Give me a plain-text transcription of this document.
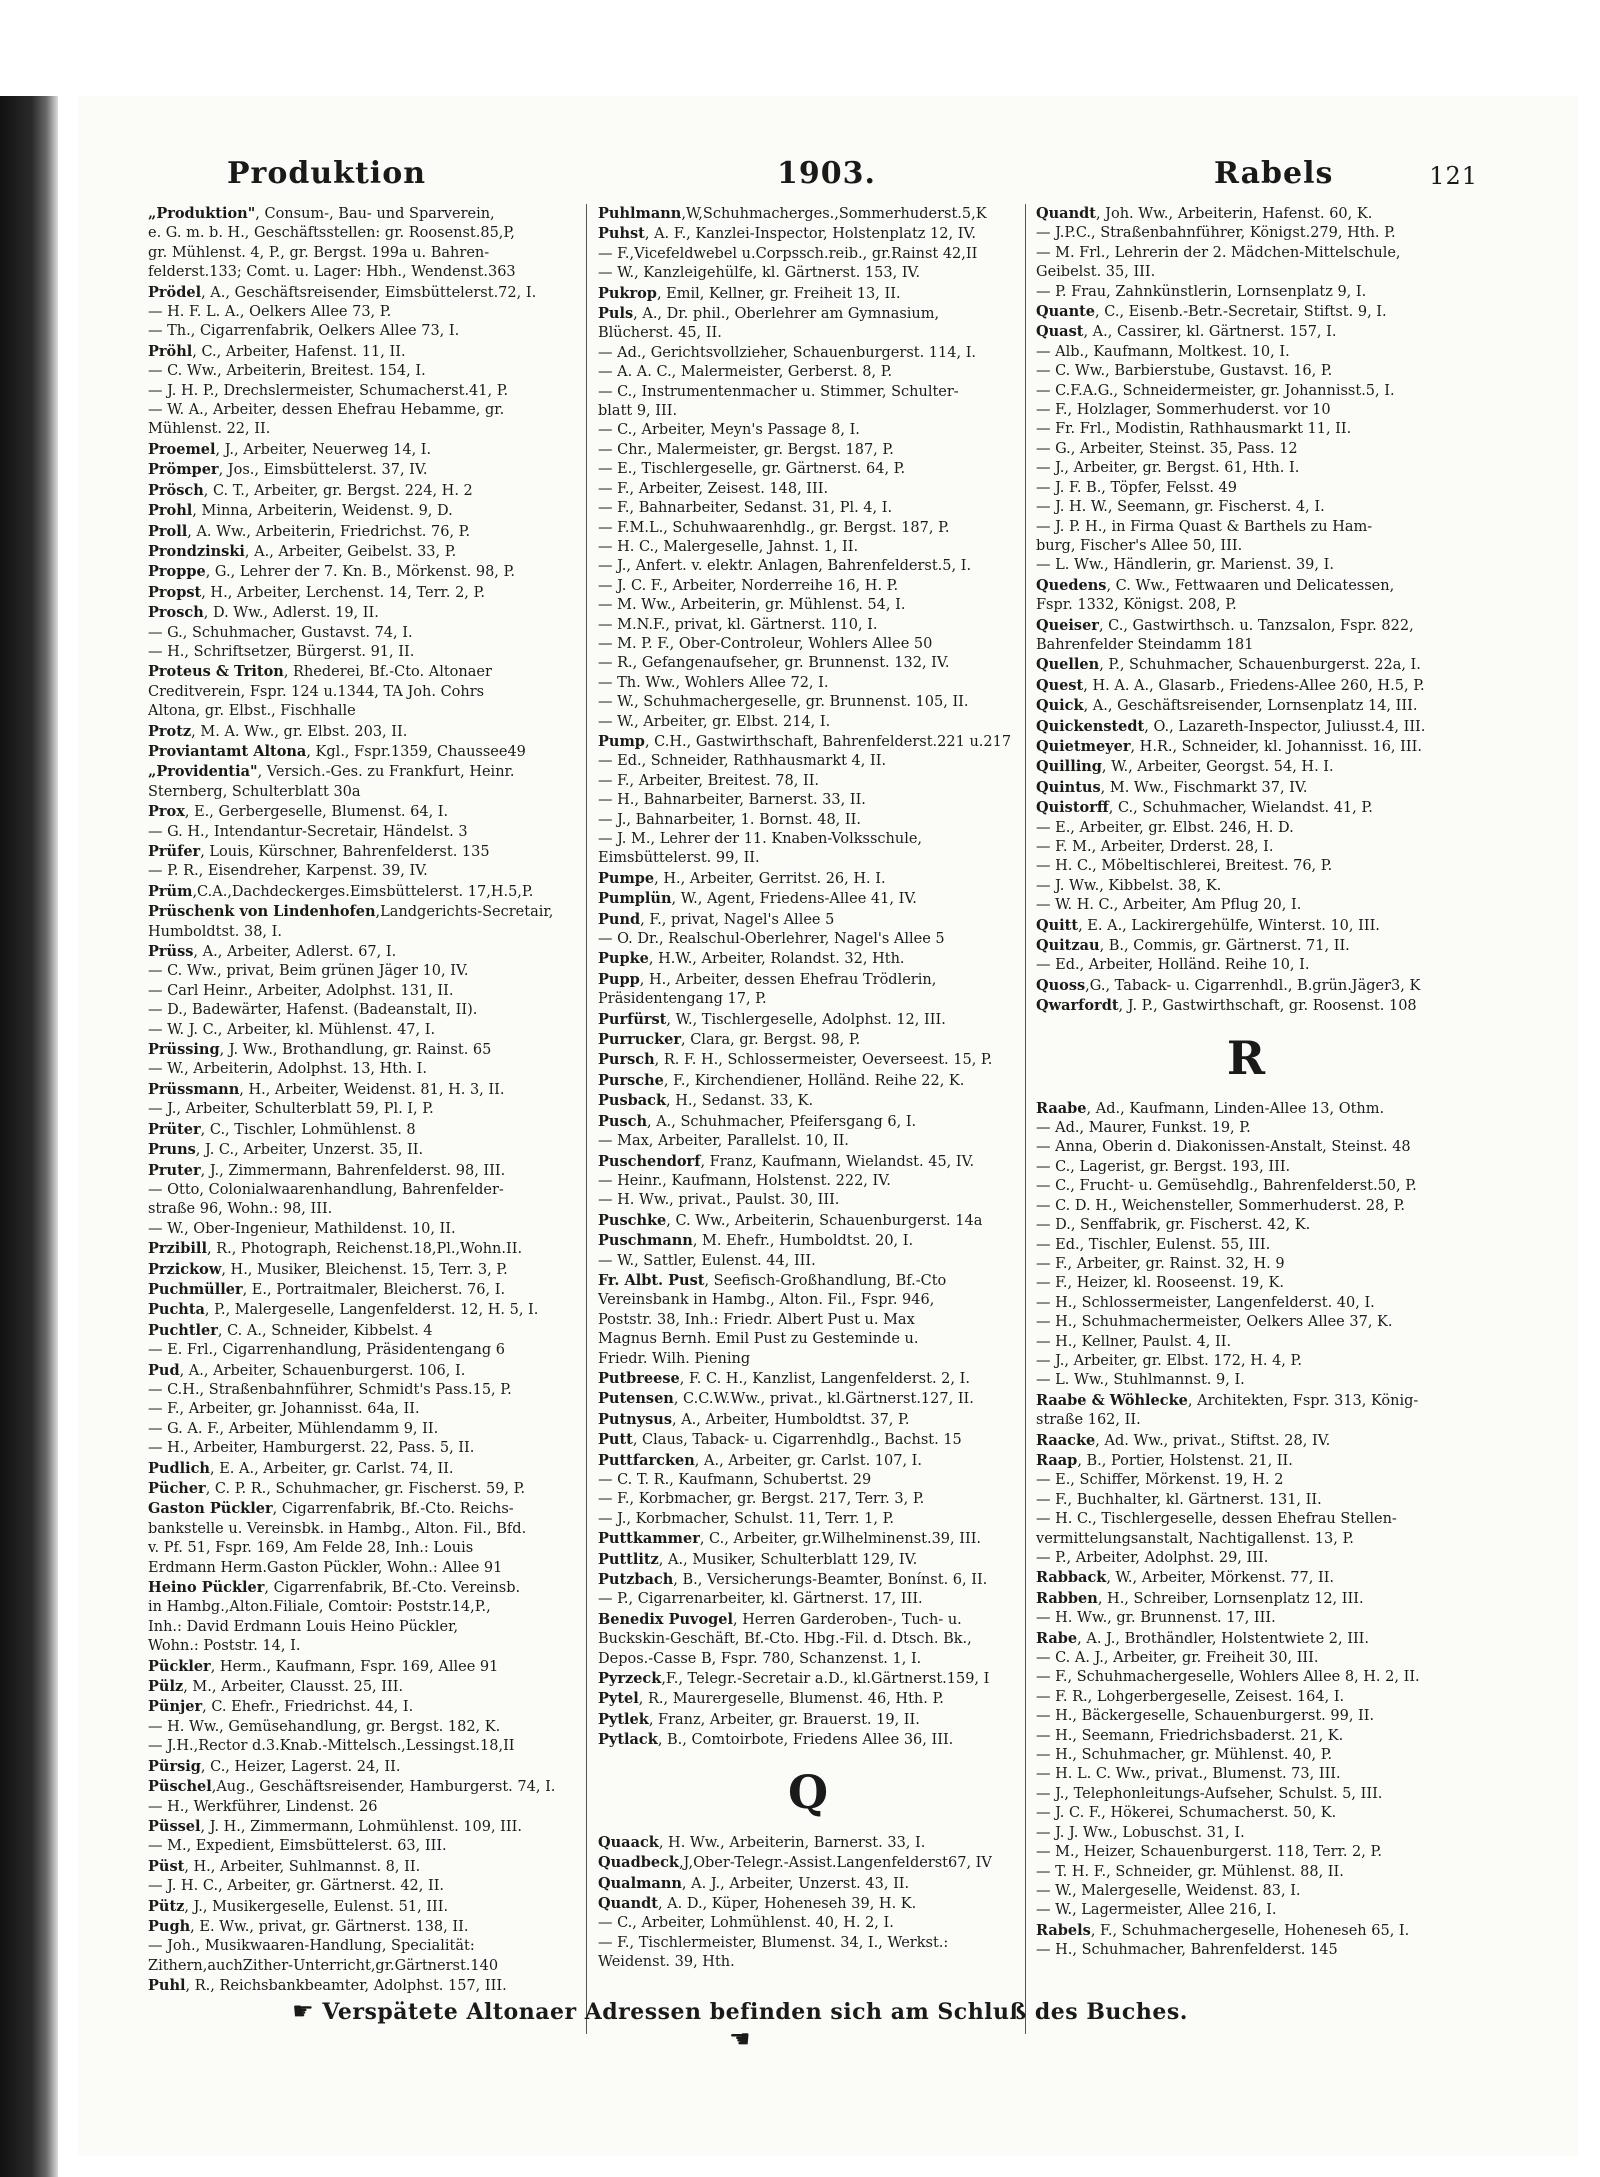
Produktion	1903.	Rabels	121
„Produktion", Consum-, Bau- und Sparverein,
e. G. m. b. H., Geschäftsstellen: gr. Roosenst.85,P,
gr. Mühlenst. 4, P., gr. Bergst. 199a u. Bahren-
felderst.133; Comt. u. Lager: Hbh., Wendenst.363
Prödel, A., Geschäftsreisender, Eimsbüttelerst.72, I.
— H. F. L. A., Oelkers Allee 73, P.
— Th., Cigarrenfabrik, Oelkers Allee 73, I.
Pröhl, C., Arbeiter, Hafenst. 11, II.
— C. Ww., Arbeiterin, Breitest. 154, I.
— J. H. P., Drechslermeister, Schumacherst.41, P.
— W. A., Arbeiter, dessen Ehefrau Hebamme, gr.
Mühlenst. 22, II.
Proemel, J., Arbeiter, Neuerweg 14, I.
Prömper, Jos., Eimsbüttelerst. 37, IV.
Prösch, C. T., Arbeiter, gr. Bergst. 224, H. 2
Prohl, Minna, Arbeiterin, Weidenst. 9, D.
Proll, A. Ww., Arbeiterin, Friedrichst. 76, P.
Prondzinski, A., Arbeiter, Geibelst. 33, P.
Proppe, G., Lehrer der 7. Kn. B., Mörkenst. 98, P.
Propst, H., Arbeiter, Lerchenst. 14, Terr. 2, P.
Prosch, D. Ww., Adlerst. 19, II.
— G., Schuhmacher, Gustavst. 74, I.
— H., Schriftsetzer, Bürgerst. 91, II.
Proteus & Triton, Rhederei, Bf.-Cto. Altonaer
Creditverein, Fspr. 124 u.1344, TA Joh. Cohrs
Altona, gr. Elbst., Fischhalle
Protz, M. A. Ww., gr. Elbst. 203, II.
Proviantamt Altona, Kgl., Fspr.1359, Chaussee49
„Providentia", Versich.-Ges. zu Frankfurt, Heinr.
Sternberg, Schulterblatt 30a
Prox, E., Gerbergeselle, Blumenst. 64, I.
— G. H., Intendantur-Secretair, Händelst. 3
Prüfer, Louis, Kürschner, Bahrenfelderst. 135
— P. R., Eisendreher, Karpenst. 39, IV.
Prüm,C.A.,Dachdeckerges.Eimsbüttelerst. 17,H.5,P.
Prüschenk von Lindenhofen,Landgerichts-Secretair,
Humboldtst. 38, I.
Prüss, A., Arbeiter, Adlerst. 67, I.
— C. Ww., privat, Beim grünen Jäger 10, IV.
— Carl Heinr., Arbeiter, Adolphst. 131, II.
— D., Badewärter, Hafenst. (Badeanstalt, II).
— W. J. C., Arbeiter, kl. Mühlenst. 47, I.
Prüssing, J. Ww., Brothandlung, gr. Rainst. 65
— W., Arbeiterin, Adolphst. 13, Hth. I.
Prüssmann, H., Arbeiter, Weidenst. 81, H. 3, II.
— J., Arbeiter, Schulterblatt 59, Pl. I, P.
Prüter, C., Tischler, Lohmühlenst. 8
Pruns, J. C., Arbeiter, Unzerst. 35, II.
Pruter, J., Zimmermann, Bahrenfelderst. 98, III.
— Otto, Colonialwaarenhandlung, Bahrenfelder-
straße 96, Wohn.: 98, III.
— W., Ober-Ingenieur, Mathildenst. 10, II.
Przibill, R., Photograph, Reichenst.18,Pl.,Wohn.II.
Przickow, H., Musiker, Bleichenst. 15, Terr. 3, P.
Puchmüller, E., Portraitmaler, Bleicherst. 76, I.
Puchta, P., Malergeselle, Langenfelderst. 12, H. 5, I.
Puchtler, C. A., Schneider, Kibbelst. 4
— E. Frl., Cigarrenhandlung, Präsidentengang 6
Pud, A., Arbeiter, Schauenburgerst. 106, I.
— C.H., Straßenbahnführer, Schmidt's Pass.15, P.
— F., Arbeiter, gr. Johannisst. 64a, II.
— G. A. F., Arbeiter, Mühlendamm 9, II.
— H., Arbeiter, Hamburgerst. 22, Pass. 5, II.
Pudlich, E. A., Arbeiter, gr. Carlst. 74, II.
Pücher, C. P. R., Schuhmacher, gr. Fischerst. 59, P.
Gaston Pückler, Cigarrenfabrik, Bf.-Cto. Reichs-
bankstelle u. Vereinsbk. in Hambg., Alton. Fil., Bfd.
v. Pf. 51, Fspr. 169, Am Felde 28, Inh.: Louis
Erdmann Herm.Gaston Pückler, Wohn.: Allee 91
Heino Pückler, Cigarrenfabrik, Bf.-Cto. Vereinsb.
in Hambg.,Alton.Filiale, Comtoir: Poststr.14,P.,
Inh.: David Erdmann Louis Heino Pückler,
Wohn.: Poststr. 14, I.
Pückler, Herm., Kaufmann, Fspr. 169, Allee 91
Pülz, M., Arbeiter, Clausst. 25, III.
Pünjer, C. Ehefr., Friedrichst. 44, I.
— H. Ww., Gemüsehandlung, gr. Bergst. 182, K.
— J.H.,Rector d.3.Knab.-Mittelsch.,Lessingst.18,II
Pürsig, C., Heizer, Lagerst. 24, II.
Püschel,Aug., Geschäftsreisender, Hamburgerst. 74, I.
— H., Werkführer, Lindenst. 26
Püssel, J. H., Zimmermann, Lohmühlenst. 109, III.
— M., Expedient, Eimsbüttelerst. 63, III.
Püst, H., Arbeiter, Suhlmannst. 8, II.
— J. H. C., Arbeiter, gr. Gärtnerst. 42, II.
Pütz, J., Musikergeselle, Eulenst. 51, III.
Pugh, E. Ww., privat, gr. Gärtnerst. 138, II.
— Joh., Musikwaaren-Handlung, Specialität:
Zithern,auchZither-Unterricht,gr.Gärtnerst.140
Puhl, R., Reichsbankbeamter, Adolphst. 157, III.
Puhlmann,W,Schuhmacherges.,Sommerhuderst.5,K
Puhst, A. F., Kanzlei-Inspector, Holstenplatz 12, IV.
— F.,Vicefeldwebel u.Corpssch.reib., gr.Rainst 42,II
— W., Kanzleigehülfe, kl. Gärtnerst. 153, IV.
Pukrop, Emil, Kellner, gr. Freiheit 13, II.
Puls, A., Dr. phil., Oberlehrer am Gymnasium,
Blücherst. 45, II.
— Ad., Gerichtsvollzieher, Schauenburgerst. 114, I.
— A. A. C., Malermeister, Gerberst. 8, P.
— C., Instrumentenmacher u. Stimmer, Schulter-
blatt 9, III.
— C., Arbeiter, Meyn's Passage 8, I.
— Chr., Malermeister, gr. Bergst. 187, P.
— E., Tischlergeselle, gr. Gärtnerst. 64, P.
— F., Arbeiter, Zeisest. 148, III.
— F., Bahnarbeiter, Sedanst. 31, Pl. 4, I.
— F.M.L., Schuhwaarenhdlg., gr. Bergst. 187, P.
— H. C., Malergeselle, Jahnst. 1, II.
— J., Anfert. v. elektr. Anlagen, Bahrenfelderst.5, I.
— J. C. F., Arbeiter, Norderreihe 16, H. P.
— M. Ww., Arbeiterin, gr. Mühlenst. 54, I.
— M.N.F., privat, kl. Gärtnerst. 110, I.
— M. P. F., Ober-Controleur, Wohlers Allee 50
— R., Gefangenaufseher, gr. Brunnenst. 132, IV.
— Th. Ww., Wohlers Allee 72, I.
— W., Schuhmachergeselle, gr. Brunnenst. 105, II.
— W., Arbeiter, gr. Elbst. 214, I.
Pump, C.H., Gastwirthschaft, Bahrenfelderst.221 u.217
— Ed., Schneider, Rathhausmarkt 4, II.
— F., Arbeiter, Breitest. 78, II.
— H., Bahnarbeiter, Barnerst. 33, II.
— J., Bahnarbeiter, 1. Bornst. 48, II.
— J. M., Lehrer der 11. Knaben-Volksschule,
Eimsbüttelerst. 99, II.
Pumpe, H., Arbeiter, Gerritst. 26, H. I.
Pumplün, W., Agent, Friedens-Allee 41, IV.
Pund, F., privat, Nagel's Allee 5
— O. Dr., Realschul-Oberlehrer, Nagel's Allee 5
Pupke, H.W., Arbeiter, Rolandst. 32, Hth.
Pupp, H., Arbeiter, dessen Ehefrau Trödlerin,
Präsidentengang 17, P.
Purfürst, W., Tischlergeselle, Adolphst. 12, III.
Purrucker, Clara, gr. Bergst. 98, P.
Pursch, R. F. H., Schlossermeister, Oeverseest. 15, P.
Pursche, F., Kirchendiener, Holländ. Reihe 22, K.
Pusback, H., Sedanst. 33, K.
Pusch, A., Schuhmacher, Pfeifersgang 6, I.
— Max, Arbeiter, Parallelst. 10, II.
Puschendorf, Franz, Kaufmann, Wielandst. 45, IV.
— Heinr., Kaufmann, Holstenst. 222, IV.
— H. Ww., privat., Paulst. 30, III.
Puschke, C. Ww., Arbeiterin, Schauenburgerst. 14a
Puschmann, M. Ehefr., Humboldtst. 20, I.
— W., Sattler, Eulenst. 44, III.
Fr. Albt. Pust, Seefisch-Großhandlung, Bf.-Cto
Vereinsbank in Hambg., Alton. Fil., Fspr. 946,
Poststr. 38, Inh.: Friedr. Albert Pust u. Max
Magnus Bernh. Emil Pust zu Gesteminde u.
Friedr. Wilh. Piening
Putbreese, F. C. H., Kanzlist, Langenfelderst. 2, I.
Putensen, C.C.W.Ww., privat., kl.Gärtnerst.127, II.
Putnysus, A., Arbeiter, Humboldtst. 37, P.
Putt, Claus, Taback- u. Cigarrenhdlg., Bachst. 15
Puttfarcken, A., Arbeiter, gr. Carlst. 107, I.
— C. T. R., Kaufmann, Schubertst. 29
— F., Korbmacher, gr. Bergst. 217, Terr. 3, P.
— J., Korbmacher, Schulst. 11, Terr. 1, P.
Puttkammer, C., Arbeiter, gr.Wilhelminenst.39, III.
Puttlitz, A., Musiker, Schulterblatt 129, IV.
Putzbach, B., Versicherungs-Beamter, Bonínst. 6, II.
— P., Cigarrenarbeiter, kl. Gärtnerst. 17, III.
Benedix Puvogel, Herren Garderoben-, Tuch- u.
Buckskin-Geschäft, Bf.-Cto. Hbg.-Fil. d. Dtsch. Bk.,
Depos.-Casse B, Fspr. 780, Schanzenst. 1, I.
Pyrzeck,F., Telegr.-Secretair a.D., kl.Gärtnerst.159, I
Pytel, R., Maurergeselle, Blumenst. 46, Hth. P.
Pytlek, Franz, Arbeiter, gr. Brauerst. 19, II.
Pytlack, B., Comtoirbote, Friedens Allee 36, III.
Q
Quaack, H. Ww., Arbeiterin, Barnerst. 33, I.
Quadbeck,J,Ober-Telegr.-Assist.Langenfelderst67, IV
Qualmann, A. J., Arbeiter, Unzerst. 43, II.
Quandt, A. D., Küper, Hoheneseh 39, H. K.
— C., Arbeiter, Lohmühlenst. 40, H. 2, I.
— F., Tischlermeister, Blumenst. 34, I., Werkst.:
Weidenst. 39, Hth.
Quandt, Joh. Ww., Arbeiterin, Hafenst. 60, K.
— J.P.C., Straßenbahnführer, Königst.279, Hth. P.
— M. Frl., Lehrerin der 2. Mädchen-Mittelschule,
Geibelst. 35, III.
— P. Frau, Zahnkünstlerin, Lornsenplatz 9, I.
Quante, C., Eisenb.-Betr.-Secretair, Stiftst. 9, I.
Quast, A., Cassirer, kl. Gärtnerst. 157, I.
— Alb., Kaufmann, Moltkest. 10, I.
— C. Ww., Barbierstube, Gustavst. 16, P.
— C.F.A.G., Schneidermeister, gr. Johannisst.5, I.
— F., Holzlager, Sommerhuderst. vor 10
— Fr. Frl., Modistin, Rathhausmarkt 11, II.
— G., Arbeiter, Steinst. 35, Pass. 12
— J., Arbeiter, gr. Bergst. 61, Hth. I.
— J. F. B., Töpfer, Felsst. 49
— J. H. W., Seemann, gr. Fischerst. 4, I.
— J. P. H., in Firma Quast & Barthels zu Ham-
burg, Fischer's Allee 50, III.
— L. Ww., Händlerin, gr. Marienst. 39, I.
Quedens, C. Ww., Fettwaaren und Delicatessen,
Fspr. 1332, Königst. 208, P.
Queiser, C., Gastwirthsch. u. Tanzsalon, Fspr. 822,
Bahrenfelder Steindamm 181
Quellen, P., Schuhmacher, Schauenburgerst. 22a, I.
Quest, H. A. A., Glasarb., Friedens-Allee 260, H.5, P.
Quick, A., Geschäftsreisender, Lornsenplatz 14, III.
Quickenstedt, O., Lazareth-Inspector, Juliusst.4, III.
Quietmeyer, H.R., Schneider, kl. Johannisst. 16, III.
Quilling, W., Arbeiter, Georgst. 54, H. I.
Quintus, M. Ww., Fischmarkt 37, IV.
Quistorff, C., Schuhmacher, Wielandst. 41, P.
— E., Arbeiter, gr. Elbst. 246, H. D.
— F. M., Arbeiter, Drderst. 28, I.
— H. C., Möbeltischlerei, Breitest. 76, P.
— J. Ww., Kibbelst. 38, K.
— W. H. C., Arbeiter, Am Pflug 20, I.
Quitt, E. A., Lackirergehülfe, Winterst. 10, III.
Quitzau, B., Commis, gr. Gärtnerst. 71, II.
— Ed., Arbeiter, Holländ. Reihe 10, I.
Quoss,G., Taback- u. Cigarrenhdl., B.grün.Jäger3, K
Qwarfordt, J. P., Gastwirthschaft, gr. Roosenst. 108
R
Raabe, Ad., Kaufmann, Linden-Allee 13, Othm.
— Ad., Maurer, Funkst. 19, P.
— Anna, Oberin d. Diakonissen-Anstalt, Steinst. 48
— C., Lagerist, gr. Bergst. 193, III.
— C., Frucht- u. Gemüsehdlg., Bahrenfelderst.50, P.
— C. D. H., Weichensteller, Sommerhuderst. 28, P.
— D., Senffabrik, gr. Fischerst. 42, K.
— Ed., Tischler, Eulenst. 55, III.
— F., Arbeiter, gr. Rainst. 32, H. 9
— F., Heizer, kl. Rooseenst. 19, K.
— H., Schlossermeister, Langenfelderst. 40, I.
— H., Schuhmachermeister, Oelkers Allee 37, K.
— H., Kellner, Paulst. 4, II.
— J., Arbeiter, gr. Elbst. 172, H. 4, P.
— L. Ww., Stuhlmannst. 9, I.
Raabe & Wöhlecke, Architekten, Fspr. 313, König-
straße 162, II.
Raacke, Ad. Ww., privat., Stiftst. 28, IV.
Raap, B., Portier, Holstenst. 21, II.
— E., Schiffer, Mörkenst. 19, H. 2
— F., Buchhalter, kl. Gärtnerst. 131, II.
— H. C., Tischlergeselle, dessen Ehefrau Stellen-
vermittelungsanstalt, Nachtigallenst. 13, P.
— P., Arbeiter, Adolphst. 29, III.
Rabback, W., Arbeiter, Mörkenst. 77, II.
Rabben, H., Schreiber, Lornsenplatz 12, III.
— H. Ww., gr. Brunnenst. 17, III.
Rabe, A. J., Brothändler, Holstentwiete 2, III.
— C. A. J., Arbeiter, gr. Freiheit 30, III.
— F., Schuhmachergeselle, Wohlers Allee 8, H. 2, II.
— F. R., Lohgerbergeselle, Zeisest. 164, I.
— H., Bäckergeselle, Schauenburgerst. 99, II.
— H., Seemann, Friedrichsbaderst. 21, K.
— H., Schuhmacher, gr. Mühlenst. 40, P.
— H. L. C. Ww., privat., Blumenst. 73, III.
— J., Telephonleitungs-Aufseher, Schulst. 5, III.
— J. C. F., Hökerei, Schumacherst. 50, K.
— J. J. Ww., Lobuschst. 31, I.
— M., Heizer, Schauenburgerst. 118, Terr. 2, P.
— T. H. F., Schneider, gr. Mühlenst. 88, II.
— W., Malergeselle, Weidenst. 83, I.
— W., Lagermeister, Allee 216, I.
Rabels, F., Schuhmachergeselle, Hoheneseh 65, I.
— H., Schuhmacher, Bahrenfelderst. 145
☛ Verspätete Altonaer Adressen befinden sich am Schluß des Buches. ☚
